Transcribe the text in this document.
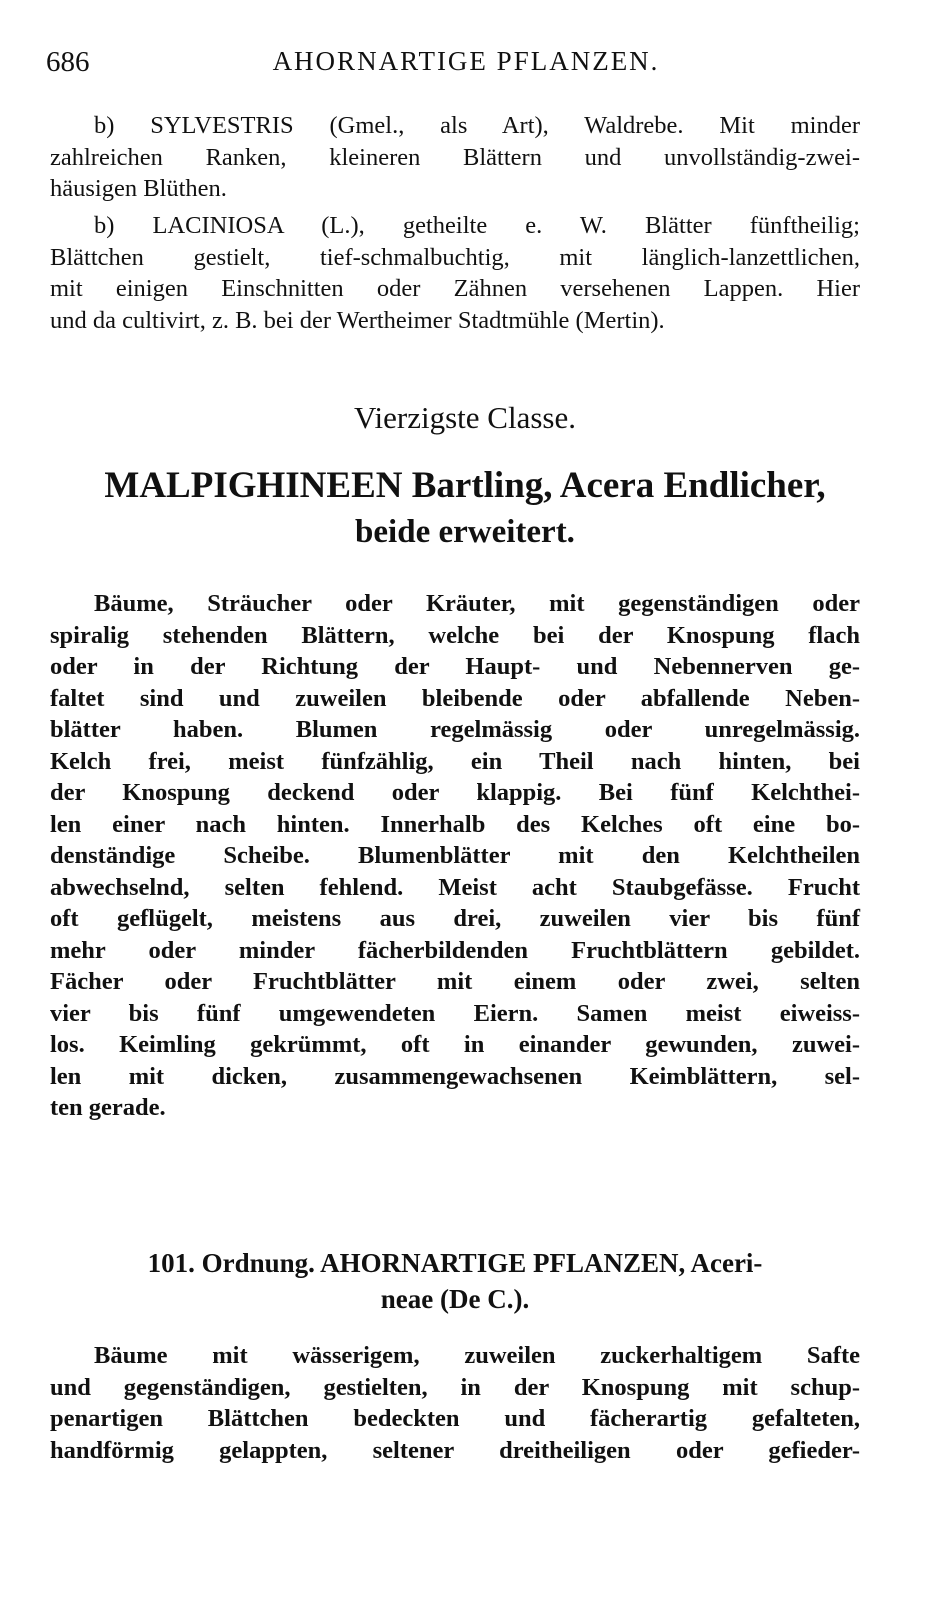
686	AHORNARTIGE PFLANZEN.

b) SYLVESTRIS (Gmel., als Art), Waldrebe. Mit minder

zahlreichen Ranken, kleineren Blättern und unvollständig-zwei-

häusigen Blüthen.

b) LACINIOSA (L.), getheilte e. W. Blätter fünftheilig;

Blättchen gestielt, tief-schmalbuchtig, mit länglich-lanzettlichen,

mit einigen Einschnitten oder Zähnen versehenen Lappen. Hier

und da cultivirt, z. B. bei der Wertheimer Stadtmühle (Mertin).

Vierzigste Classe.
MALPIGHINEEN Bartling, Acera Endlicher,
beide erweitert.

Bäume, Sträucher oder Kräuter, mit gegenständigen oder

spiralig stehenden Blättern, welche bei der Knospung flach

oder in der Richtung der Haupt- und Nebennerven ge-

faltet sind und zuweilen bleibende oder abfallende Neben-

blätter haben. Blumen regelmässig oder unregelmässig.

Kelch frei, meist fünfzählig, ein Theil nach hinten, bei

der Knospung deckend oder klappig. Bei fünf Kelchthei-

len einer nach hinten. Innerhalb des Kelches oft eine bo-

denständige Scheibe. Blumenblätter mit den Kelchtheilen

abwechselnd, selten fehlend. Meist acht Staubgefässe. Frucht

oft geflügelt, meistens aus drei, zuweilen vier bis fünf

mehr oder minder fächerbildenden Fruchtblättern gebildet.

Fächer oder Fruchtblätter mit einem oder zwei, selten

vier bis fünf umgewendeten Eiern. Samen meist eiweiss-

los. Keimling gekrümmt, oft in einander gewunden, zuwei-

len mit dicken, zusammengewachsenen Keimblättern, sel-

ten gerade.

101. Ordnung. AHORNARTIGE PFLANZEN, Aceri-
neae (De C.).

Bäume mit wässerigem, zuweilen zuckerhaltigem Safte

und gegenständigen, gestielten, in der Knospung mit schup-

penartigen Blättchen bedeckten und fächerartig gefalteten,

handförmig gelappten, seltener dreitheiligen oder gefieder-
